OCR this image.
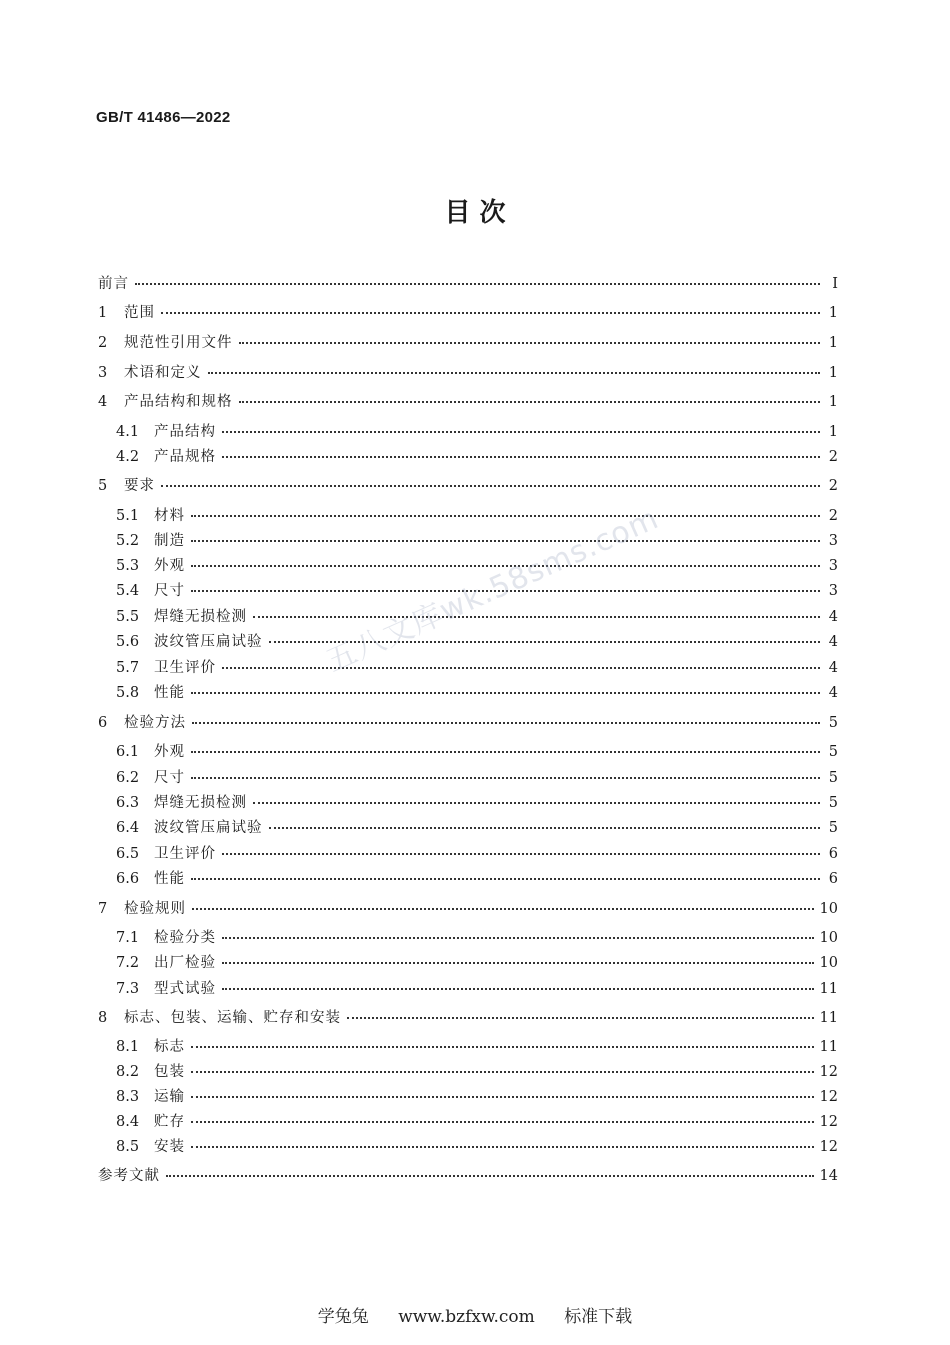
GB/T 41486—2022
目 次
前言	Ⅰ
1	范围	1
2	规范性引用文件	1
3	术语和定义	1
4	产品结构和规格	1
4.1	产品结构	1
4.2	产品规格	2
5	要求	2
5.1	材料	2
5.2	制造	3
5.3	外观	3
5.4	尺寸	3
5.5	焊缝无损检测	4
5.6	波纹管压扁试验	4
5.7	卫生评价	4
5.8	性能	4
6	检验方法	5
6.1	外观	5
6.2	尺寸	5
6.3	焊缝无损检测	5
6.4	波纹管压扁试验	5
6.5	卫生评价	6
6.6	性能	6
7	检验规则	10
7.1	检验分类	10
7.2	出厂检验	10
7.3	型式试验	11
8	标志、包装、运输、贮存和安装	11
8.1	标志	11
8.2	包装	12
8.3	运输	12
8.4	贮存	12
8.5	安装	12
参考文献	14
五八文库wk.58sms.com
学兔兔 www.bzfxw.com 标准下载
